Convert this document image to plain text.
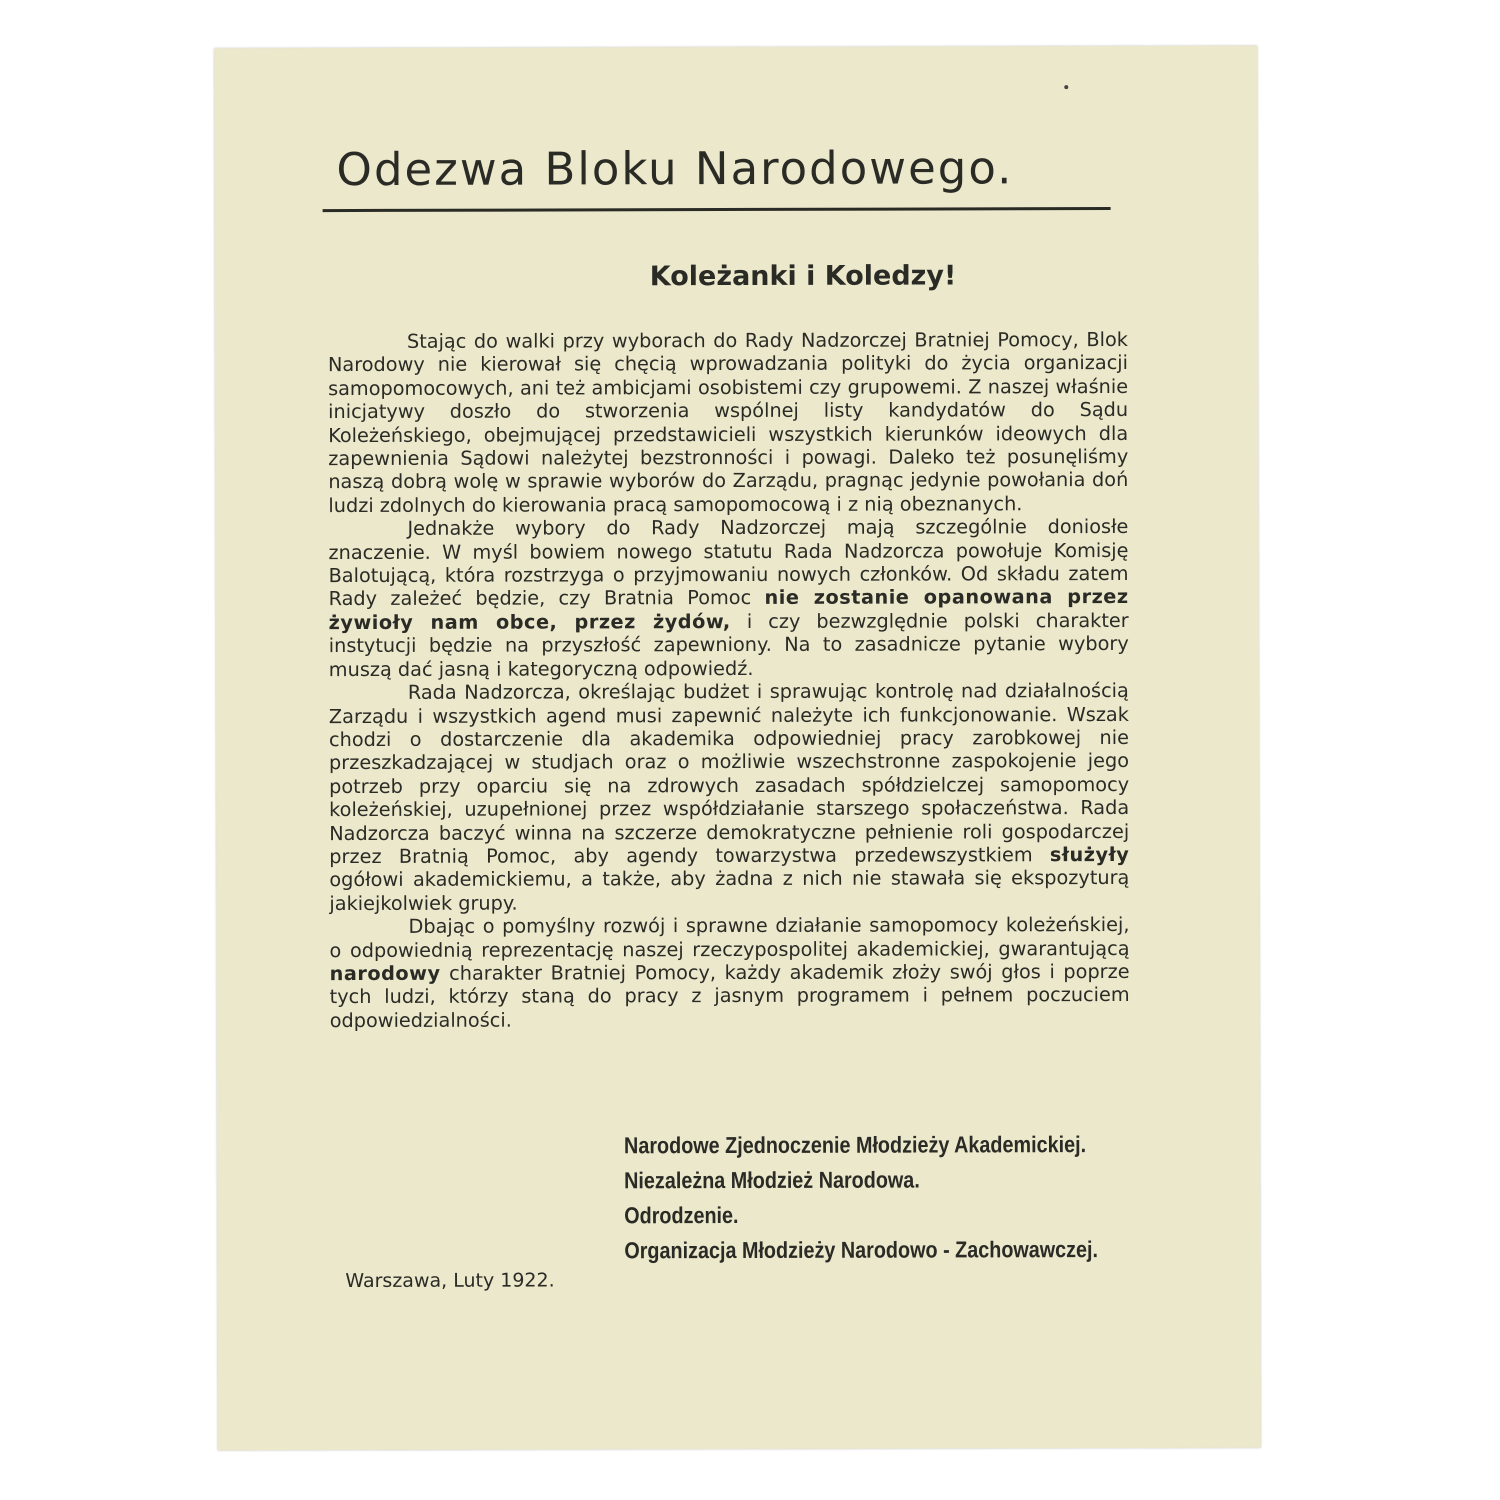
Odezwa Bloku Narodowego.
Koleżanki i Koledzy!

Stając do walki przy wyborach do Rady Nadzorczej Bratniej Pomocy, Blok Narodowy nie kierował się chęcią wprowadzania polityki do życia organizacji samopomocowych, ani też ambicjami osobistemi czy grupowemi. Z naszej właśnie inicjatywy doszło do stworzenia wspólnej listy kandydatów do Sądu Koleżeńskiego, obejmującej przedstawicieli wszystkich kierunków ideowych dla zapewnienia Sądowi należytej bezstronności i powagi. Daleko też posunęliśmy naszą dobrą wolę w sprawie wyborów do Zarządu, pragnąc jedynie powołania doń ludzi zdolnych do kierowania pracą samopomocową i z nią obeznanych.

Jednakże wybory do Rady Nadzorczej mają szczególnie doniosłe znaczenie. W myśl bowiem nowego statutu Rada Nadzorcza powołuje Komisję Balotującą, która rozstrzyga o przyjmowaniu nowych członków. Od składu zatem Rady zależeć będzie, czy Bratnia Pomoc nie zostanie opanowana przez żywioły nam obce, przez żydów, i czy bezwzględnie polski charakter instytucji będzie na przyszłość zapewniony. Na to zasadnicze pytanie wybory muszą dać jasną i kategoryczną odpowiedź.

Rada Nadzorcza, określając budżet i sprawując kontrolę nad działalnością Zarządu i wszystkich agend musi zapewnić należyte ich funkcjonowanie. Wszak chodzi o dostarczenie dla akademika odpowiedniej pracy zarobkowej nie przeszkadzającej w studjach oraz o możliwie wszechstronne zaspokojenie jego potrzeb przy oparciu się na zdrowych zasadach spółdzielczej samopomocy koleżeńskiej, uzupełnionej przez współdziałanie starszego społaczeństwa. Rada Nadzorcza baczyć winna na szczerze demokratyczne pełnienie roli gospodarczej przez Bratnią Pomoc, aby agendy towarzystwa przedewszystkiem służyły ogółowi akademickiemu, a także, aby żadna z nich nie stawała się ekspozyturą jakiejkolwiek grupy.

Dbając o pomyślny rozwój i sprawne działanie samopomocy koleżeńskiej, o odpowiednią reprezentację naszej rzeczypospolitej akademickiej, gwarantującą narodowy charakter Bratniej Pomocy, każdy akademik złoży swój głos i poprze tych ludzi, którzy staną do pracy z jasnym programem i pełnem poczuciem odpowiedzialności.

Narodowe Zjednoczenie Młodzieży Akademickiej.
Niezależna Młodzież Narodowa.
Odrodzenie.
Organizacja Młodzieży Narodowo - Zachowawczej.
Warszawa, Luty 1922.
